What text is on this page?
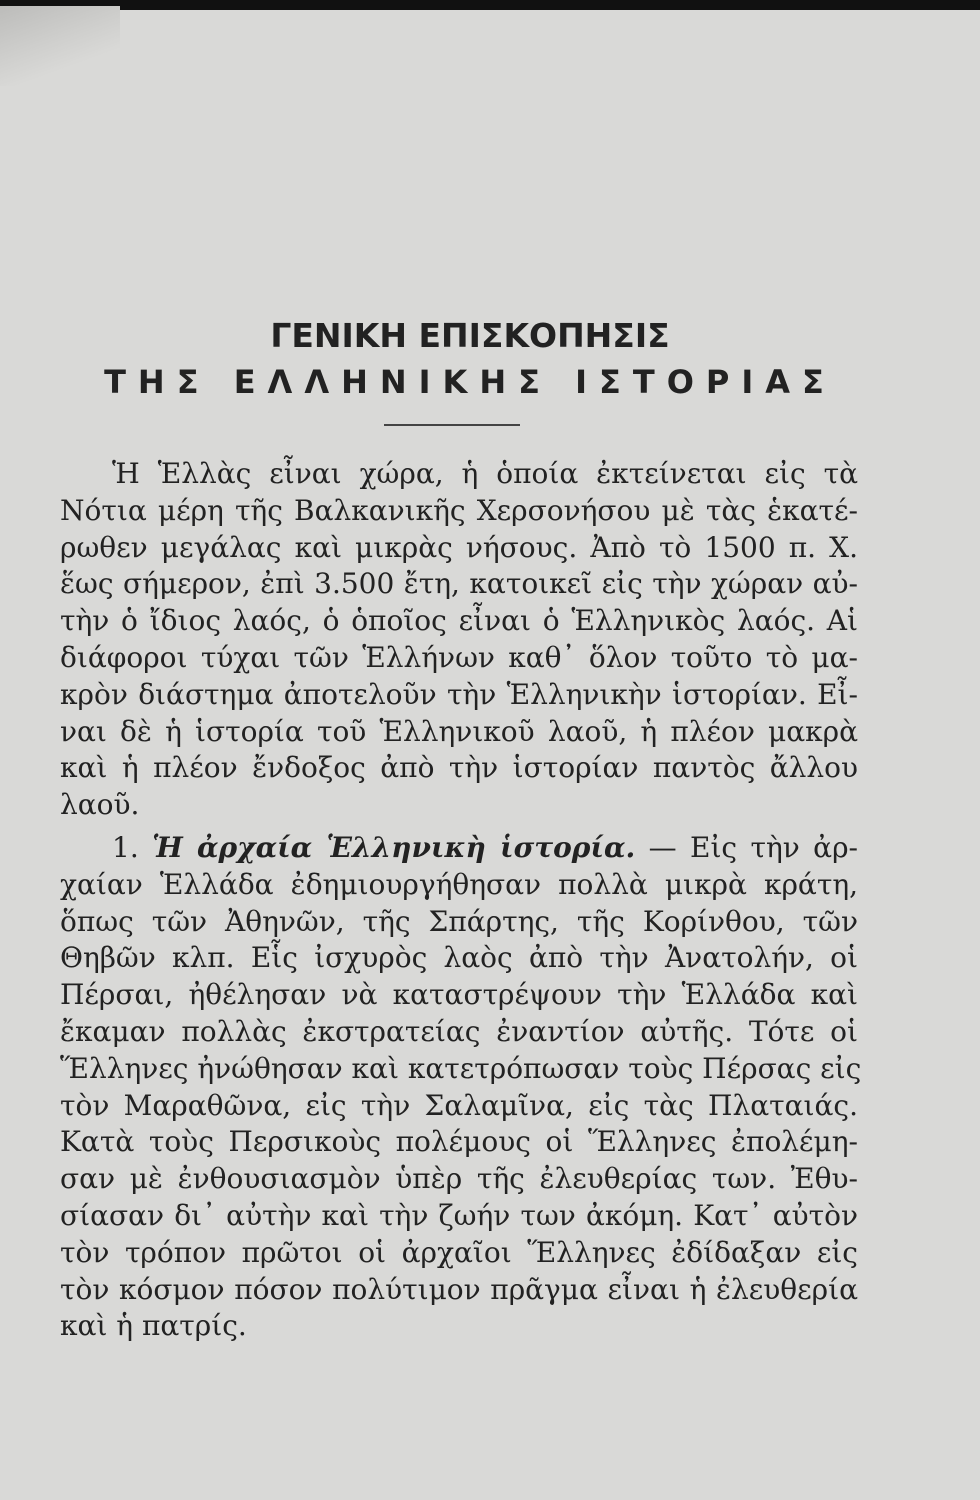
ΓΕΝΙΚΗ ΕΠΙΣΚΟΠΗΣΙΣ
ΤΗΣ ΕΛΛΗΝΙΚΗΣ ΙΣΤΟΡΙΑΣ

Ἡ Ἑλλὰς εἶναι χώρα, ἡ ὁποία ἐκτείνεται εἰς τὰ
Νότια μέρη τῆς Βαλκανικῆς Χερσονήσου μὲ τὰς ἑκατέ-
ρωθεν μεγάλας καὶ μικρὰς νήσους. Ἀπὸ τὸ 1500 π. Χ.
ἕως σήμερον, ἐπὶ 3.500 ἔτη, κατοικεῖ εἰς τὴν χώραν αὐ-
τὴν ὁ ἴδιος λαός, ὁ ὁποῖος εἶναι ὁ Ἑλληνικὸς λαός. Αἱ
διάφοροι τύχαι τῶν Ἑλλήνων καθ᾽ ὅλον τοῦτο τὸ μα-
κρὸν διάστημα ἀποτελοῦν τὴν Ἑλληνικὴν ἱστορίαν. Εἶ-
ναι δὲ ἡ ἱστορία τοῦ Ἑλληνικοῦ λαοῦ, ἡ πλέον μακρὰ
καὶ ἡ πλέον ἔνδοξος ἀπὸ τὴν ἱστορίαν παντὸς ἄλλου
λαοῦ.

1. Ἡ ἀρχαία Ἑλληνικὴ ἱστορία. — Εἰς τὴν ἀρ-
χαίαν Ἑλλάδα ἐδημιουργήθησαν πολλὰ μικρὰ κράτη,
ὅπως τῶν Ἀθηνῶν, τῆς Σπάρτης, τῆς Κορίνθου, τῶν
Θηβῶν κλπ. Εἷς ἰσχυρὸς λαὸς ἀπὸ τὴν Ἀνατολήν, οἱ
Πέρσαι, ἠθέλησαν νὰ καταστρέψουν τὴν Ἑλλάδα καὶ
ἔκαμαν πολλὰς ἐκστρατείας ἐναντίον αὐτῆς. Τότε οἱ
Ἕλληνες ἠνώθησαν καὶ κατετρόπωσαν τοὺς Πέρσας εἰς
τὸν Μαραθῶνα, εἰς τὴν Σαλαμῖνα, εἰς τὰς Πλαταιάς.
Κατὰ τοὺς Περσικοὺς πολέμους οἱ Ἕλληνες ἐπολέμη-
σαν μὲ ἐνθουσιασμὸν ὑπὲρ τῆς ἐλευθερίας των. Ἐθυ-
σίασαν δι᾽ αὐτὴν καὶ τὴν ζωήν των ἀκόμη. Κατ᾽ αὐτὸν
τὸν τρόπον πρῶτοι οἱ ἀρχαῖοι Ἕλληνες ἐδίδαξαν εἰς
τὸν κόσμον πόσον πολύτιμον πρᾶγμα εἶναι ἡ ἐλευθερία
καὶ ἡ πατρίς.
